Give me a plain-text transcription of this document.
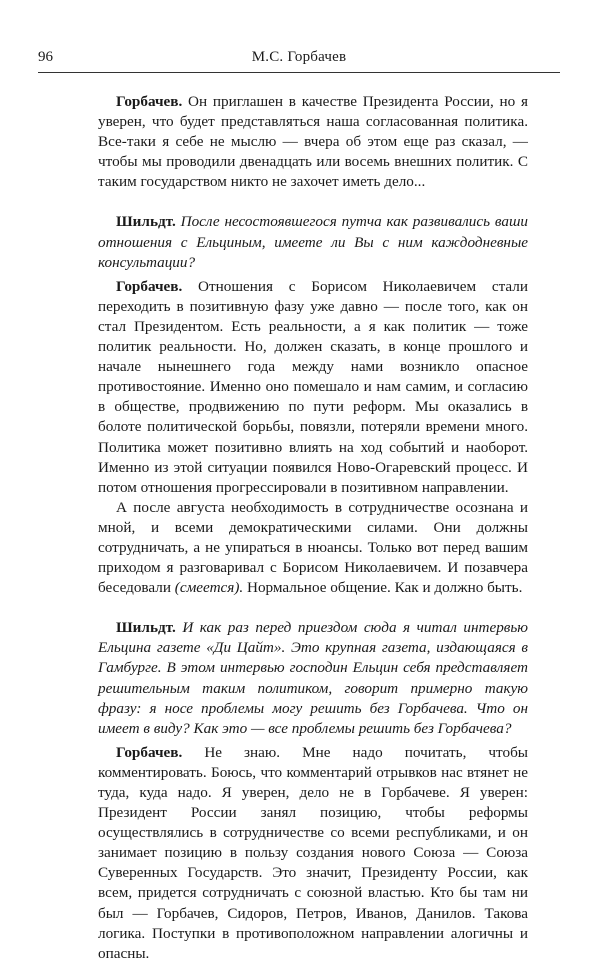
96	М.С. Горбачев

Горбачев. Он приглашен в качестве Президента России, но я уверен, что будет представляться наша согласованная политика. Все-таки я себе не мыслю — вчера об этом еще раз сказал, — чтобы мы проводили двенадцать или восемь внешних политик. С таким государством никто не захочет иметь дело...

Шильдт. После несостоявшегося путча как развивались ваши отношения с Ельциным, имеете ли Вы с ним каждодневные консультации?

Горбачев. Отношения с Борисом Николаевичем стали переходить в позитивную фазу уже давно — после того, как он стал Президентом. Есть реальности, а я как политик — тоже политик реальности. Но, должен сказать, в конце прошлого и начале нынешнего года между нами возникло опасное противостояние. Именно оно помешало и нам самим, и согласию в обществе, продвижению по пути реформ. Мы оказались в болоте политической борьбы, повязли, потеряли времени много. Политика может позитивно влиять на ход событий и наоборот. Именно из этой ситуации появился Ново-Огаревский процесс. И потом отношения прогрессировали в позитивном направлении.

А после августа необходимость в сотрудничестве осознана и мной, и всеми демократическими силами. Они должны сотрудничать, а не упираться в нюансы. Только вот перед вашим приходом я разговаривал с Борисом Николаевичем. И позавчера беседовали (смеется). Нормальное общение. Как и должно быть.

Шильдт. И как раз перед приездом сюда я читал интервью Ельцина газете «Ди Цайт». Это крупная газета, издающаяся в Гамбурге. В этом интервью господин Ельцин себя представляет решительным таким политиком, говорит примерно такую фразу: я носе проблемы могу решить без Горбачева. Что он имеет в виду? Как это — все проблемы решить без Горбачева?

Горбачев. Не знаю. Мне надо почитать, чтобы комментировать. Боюсь, что комментарий отрывков нас втянет не туда, куда надо. Я уверен, дело не в Горбачеве. Я уверен: Президент России занял позицию, чтобы реформы осуществлялись в сотрудничестве со всеми республиками, и он занимает позицию в пользу создания нового Союза — Союза Суверенных Государств. Это значит, Президенту России, как всем, придется сотрудничать с союзной властью. Кто бы там ни был — Горбачев, Сидоров, Петров, Иванов, Данилов. Такова логика. Поступки в противоположном направлении алогичны и опасны.
